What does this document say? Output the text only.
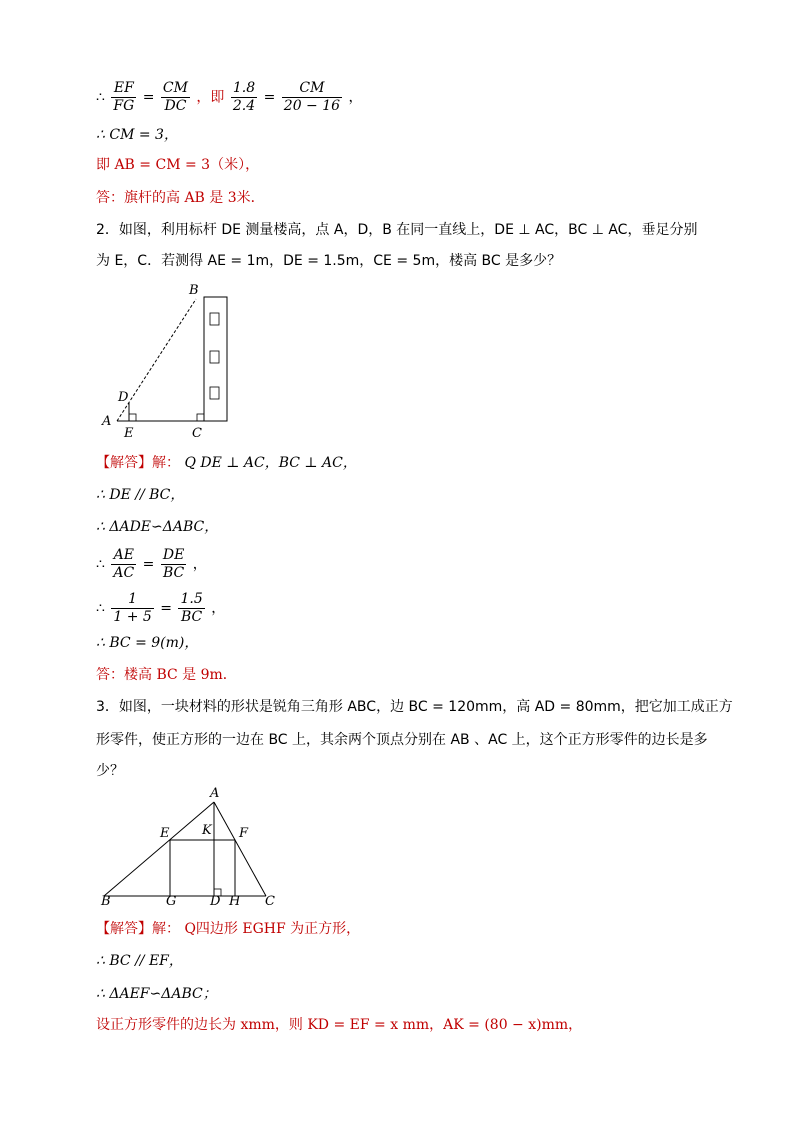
∴ $\frac{EF}{FG} = \frac{CM}{DC}$ ，即 $\frac{1.8}{2.4} = \frac{CM}{20 - 16}$ ，
∴ CM = 3，
即 AB = CM = 3（米），
答：旗杆的高 AB 是 3米．
2．如图，利用标杆 DE 测量楼高，点 A，D，B 在同一直线上，DE ⊥ AC，BC ⊥ AC，垂足分别
为 E，C．若测得 AE = 1m，DE = 1.5m，CE = 5m，楼高 BC 是多少？
A
B
C
D
E
【解答】解： Q DE ⊥ AC，BC ⊥ AC，
∴ DE // BC，
∴ ΔADE∽ΔABC，
∴ $\frac{AE}{AC} = \frac{DE}{BC}$ ，
∴ $\frac{1}{1 + 5} = \frac{1.5}{BC}$ ，
∴ BC = 9(m)，
答：楼高 BC 是 9m．
3．如图，一块材料的形状是锐角三角形 ABC，边 BC = 120mm，高 AD = 80mm，把它加工成正方
形零件，使正方形的一边在 BC 上，其余两个顶点分别在 AB 、AC 上，这个正方形零件的边长是多
少？
A
B	C
D
E	F
G	H
K
【解答】解： Q四边形 EGHF 为正方形，
∴ BC // EF，
∴ ΔAEF∽ΔABC；
设正方形零件的边长为 xmm，则 KD = EF = x mm，AK = (80 − x)mm，
